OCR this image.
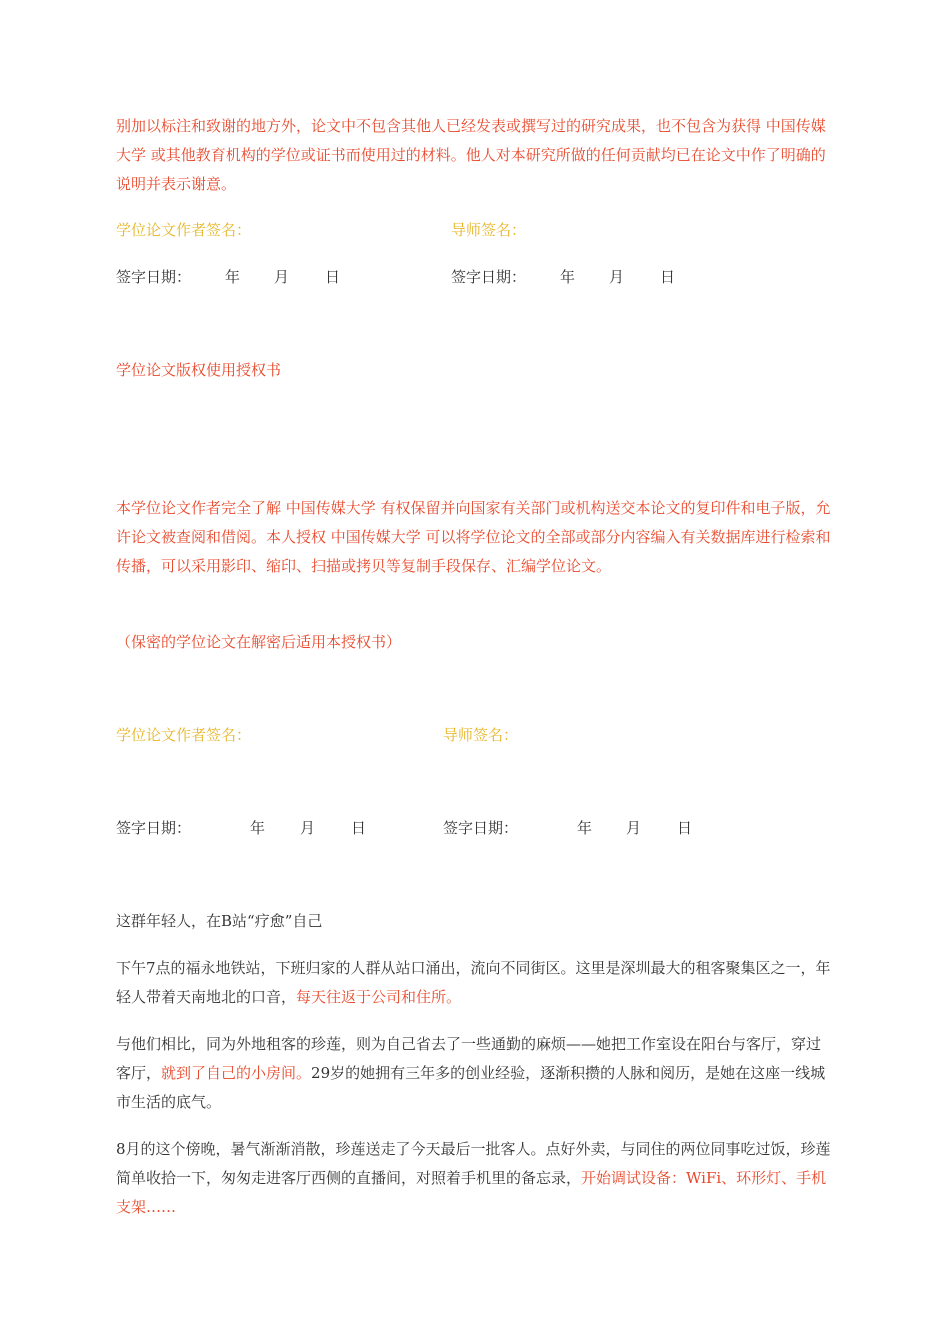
别加以标注和致谢的地方外，论文中不包含其他人已经发表或撰写过的研究成果，也不包含为获得 中国传媒大学 或其他教育机构的学位或证书而使用过的材料。他人对本研究所做的任何贡献均已在论文中作了明确的说明并表示谢意。

学位论文作者签名：	导师签名：
签字日期： 年 月 日	签字日期： 年 月 日
学位论文版权使用授权书

本学位论文作者完全了解 中国传媒大学 有权保留并向国家有关部门或机构送交本论文的复印件和电子版，允许论文被查阅和借阅。本人授权 中国传媒大学 可以将学位论文的全部或部分内容编入有关数据库进行检索和传播，可以采用影印、缩印、扫描或拷贝等复制手段保存、汇编学位论文。

（保密的学位论文在解密后适用本授权书）
学位论文作者签名：	导师签名：
签字日期：	年 月 日	签字日期：	年 月 日
这群年轻人，在B站“疗愈”自己

下午7点的福永地铁站，下班归家的人群从站口涌出，流向不同街区。这里是深圳最大的租客聚集区之一，年轻人带着天南地北的口音，每天往返于公司和住所。

与他们相比，同为外地租客的珍莲，则为自己省去了一些通勤的麻烦——她把工作室设在阳台与客厅，穿过客厅，就到了自己的小房间。29岁的她拥有三年多的创业经验，逐渐积攒的人脉和阅历，是她在这座一线城市生活的底气。

8月的这个傍晚，暑气渐渐消散，珍莲送走了今天最后一批客人。点好外卖，与同住的两位同事吃过饭，珍莲简单收拾一下，匆匆走进客厅西侧的直播间，对照着手机里的备忘录，开始调试设备：WiFi、环形灯、手机支架……
